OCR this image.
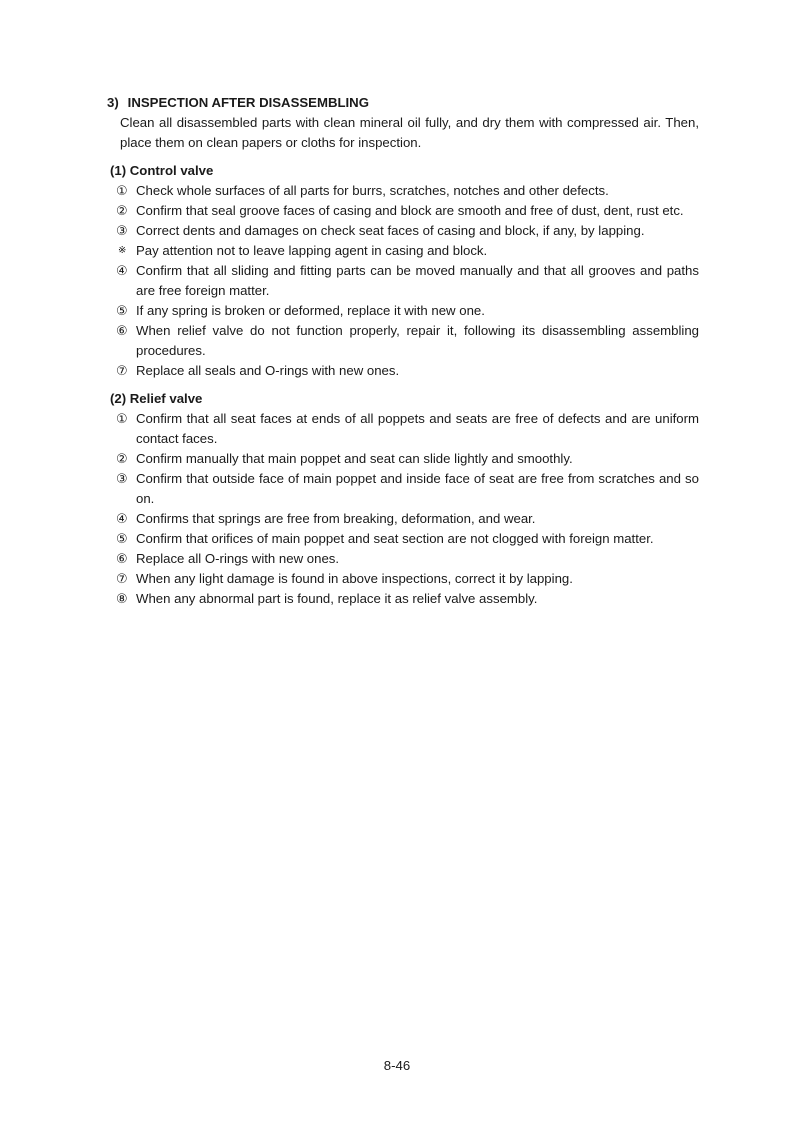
3) INSPECTION AFTER DISASSEMBLING

Clean all disassembled parts with clean mineral oil fully, and dry them with compressed air. Then, place them on clean papers or cloths for inspection.

(1) Control valve
① Check whole surfaces of all parts for burrs, scratches, notches and other defects.
② Confirm that seal groove faces of casing and block are smooth and free of dust, dent, rust etc.
③ Correct dents and damages on check seat faces of casing and block, if any, by lapping.
※ Pay attention not to leave lapping agent in casing and block.
④ Confirm that all sliding and fitting parts can be moved manually and that all grooves and paths are free foreign matter.
⑤ If any spring is broken or deformed, replace it with new one.
⑥ When relief valve do not function properly, repair it, following its disassembling assembling procedures.
⑦ Replace all seals and O-rings with new ones.
(2) Relief valve
① Confirm that all seat faces at ends of all poppets and seats are free of defects and are uniform contact faces.
② Confirm manually that main poppet and seat can slide lightly and smoothly.
③ Confirm that outside face of main poppet and inside face of seat are free from scratches and so on.
④ Confirms that springs are free from breaking, deformation, and wear.
⑤ Confirm that orifices of main poppet and seat section are not clogged with foreign matter.
⑥ Replace all O-rings with new ones.
⑦ When any light damage is found in above inspections, correct it by lapping.
⑧ When any abnormal part is found, replace it as relief valve assembly.
8-46
